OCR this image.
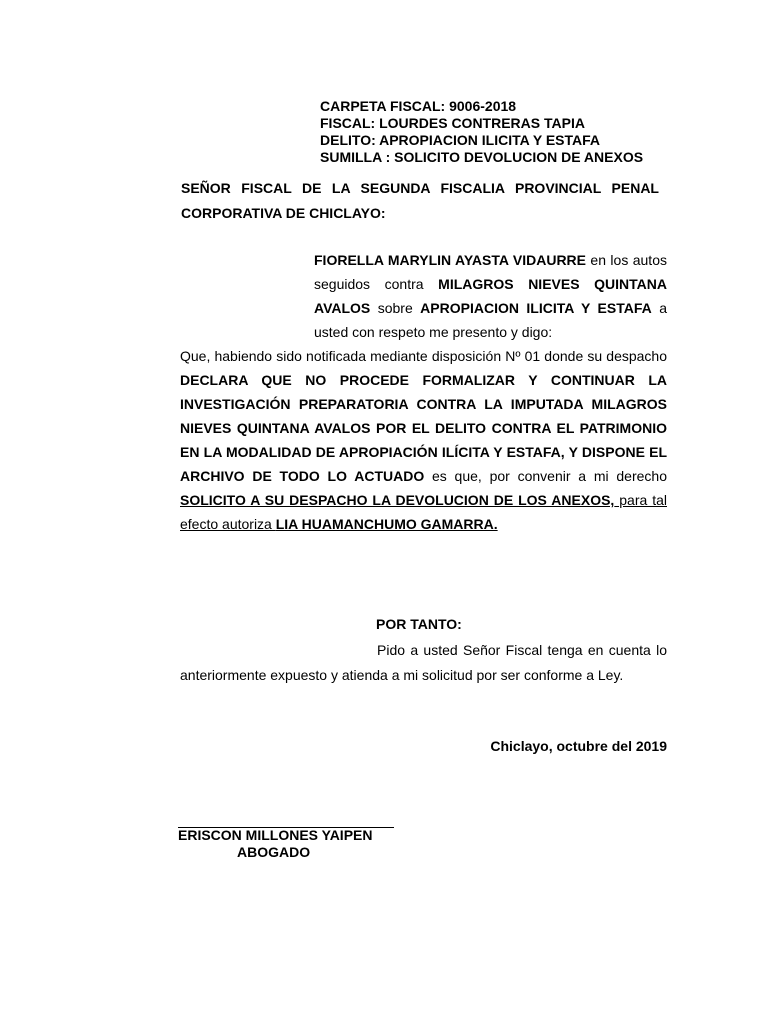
CARPETA FISCAL: 9006-2018
FISCAL: LOURDES CONTRERAS TAPIA
DELITO: APROPIACION ILICITA Y ESTAFA
SUMILLA : SOLICITO DEVOLUCION DE ANEXOS
SEÑOR FISCAL DE LA SEGUNDA FISCALIA PROVINCIAL PENAL CORPORATIVA DE CHICLAYO:

FIORELLA MARYLIN AYASTA VIDAURRE en los autos seguidos contra MILAGROS NIEVES QUINTANA AVALOS sobre APROPIACION ILICITA Y ESTAFA a usted con respeto me presento y digo:

Que, habiendo sido notificada mediante disposición Nº 01 donde su despacho DECLARA QUE NO PROCEDE FORMALIZAR Y CONTINUAR LA INVESTIGACIÓN PREPARATORIA CONTRA LA IMPUTADA MILAGROS NIEVES QUINTANA AVALOS POR EL DELITO CONTRA EL PATRIMONIO EN LA MODALIDAD DE APROPIACIÓN ILÍCITA Y ESTAFA, Y DISPONE EL ARCHIVO DE TODO LO ACTUADO es que, por convenir a mi derecho SOLICITO A SU DESPACHO LA DEVOLUCION DE LOS ANEXOS, para tal efecto autoriza LIA HUAMANCHUMO GAMARRA.

POR TANTO:
Pido a usted Señor Fiscal tenga en cuenta lo anteriormente expuesto y atienda a mi solicitud por ser conforme a Ley.
Chiclayo, octubre del 2019
ERISCON MILLONES YAIPEN
ABOGADO
